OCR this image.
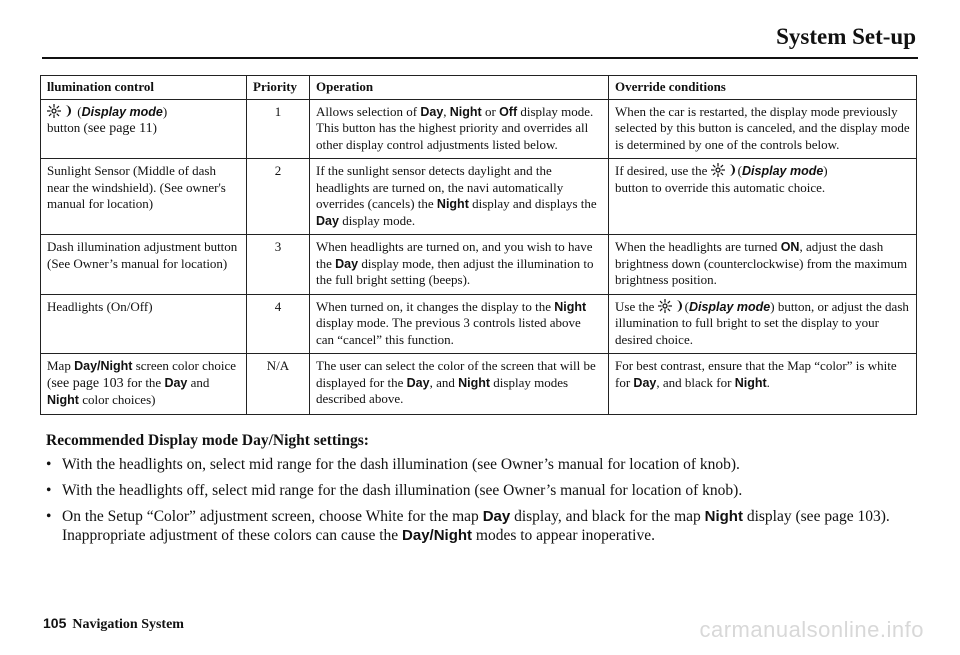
System Set-up
llumination control	Priority	Operation	Override conditions
(Display mode)
button (see page 11)	1	Allows selection of Day, Night or Off display mode. This button has the highest priority and overrides all other display control adjustments listed below.	When the car is restarted, the display mode previously selected by this button is canceled, and the display mode is determined by one of the controls below.
Sunlight Sensor (Middle of dash near the windshield). (See owner's manual for location)	2	If the sunlight sensor detects daylight and the headlights are turned on, the navi automatically overrides (cancels) the Night display and displays the Day display mode.	If desired, use the (Display mode)
button to override this automatic choice.
Dash illumination adjustment button (See Owner’s manual for location)	3	When headlights are turned on, and you wish to have the Day display mode, then adjust the illumination to the full bright setting (beeps).	When the headlights are turned ON, adjust the dash brightness down (counterclockwise) from the maximum brightness position.
Headlights (On/Off)	4	When turned on, it changes the display to the Night display mode. The previous 3 controls listed above can “cancel” this function.	Use the (Display mode) button, or adjust the dash illumination to full bright to set the display to your desired choice.
Map Day/Night screen color choice (see page 103 for the Day and Night color choices)	N/A	The user can select the color of the screen that will be displayed for the Day, and Night display modes described above.	For best contrast, ensure that the Map “color” is white for Day, and black for Night.
Recommended Display mode Day/Night settings:
• With the headlights on, select mid range for the dash illumination (see Owner’s manual for location of knob).
• With the headlights off, select mid range for the dash illumination (see Owner’s manual for location of knob).
• On the Setup “Color” adjustment screen, choose White for the map Day display, and black for the map Night display (see page 103). Inappropriate adjustment of these colors can cause the Day/Night modes to appear inoperative.
105 Navigation System	carmanualsonline.info
